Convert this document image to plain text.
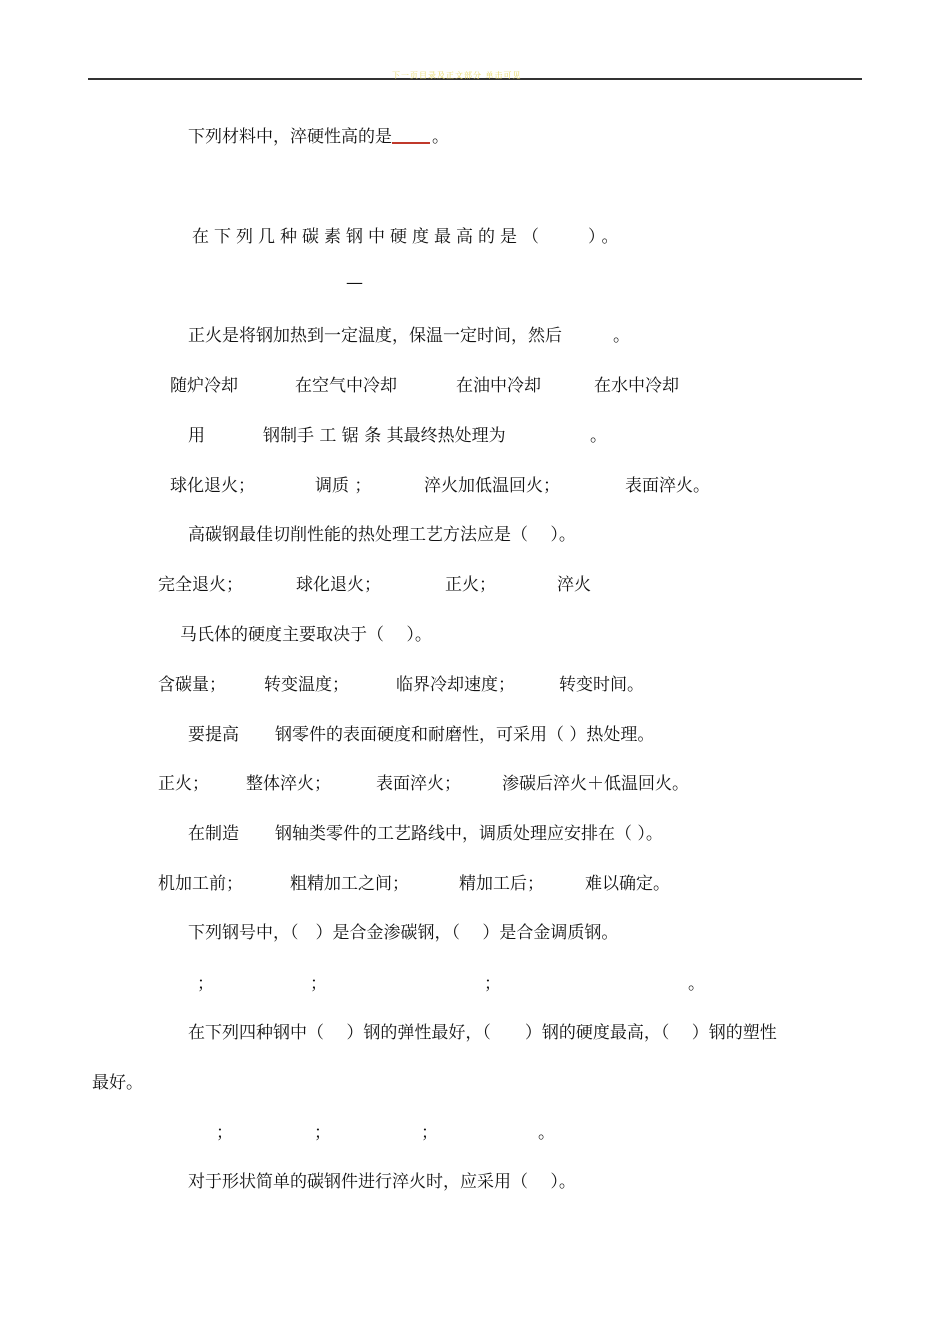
下一页目录及正文部分 单击可见
下列材料中，淬硬性高的是 。
在下列几种碳素钢中硬度最高的是（　　）。
—
正火是将钢加热到一定温度，保温一定时间，然后　　　。
随炉冷却	在空气中冷却	在油中冷却	在水中冷却
用	钢制手 工 锯 条 其最终热处理为	。
球化退火；	调质 ；	淬火加低温回火；	表面淬火。
高碳钢最佳切削性能的热处理工艺方法应是（　 ）。
完全退火；	球化退火；	正火；	淬火
马氏体的硬度主要取决于（　 ）。
含碳量； 转变温度；	临界冷却速度；	转变时间。
要提高 钢零件的表面硬度和耐磨性，可采用（ ）热处理。
正火； 整体淬火；	表面淬火； 渗碳后淬火＋低温回火。
在制造 钢轴类零件的工艺路线中，调质处理应安排在（ ）。
机加工前；	粗精加工之间；	精加工后； 难以确定。
下列钢号中，（　）是合金渗碳钢，（　 ）是合金调质钢。
；	；	；	。
在下列四种钢中（　 ）钢的弹性最好，（　　）钢的硬度最高，（　 ）钢的塑性
最好。
；	；	；	。
对于形状简单的碳钢件进行淬火时，应采用（　 ）。
